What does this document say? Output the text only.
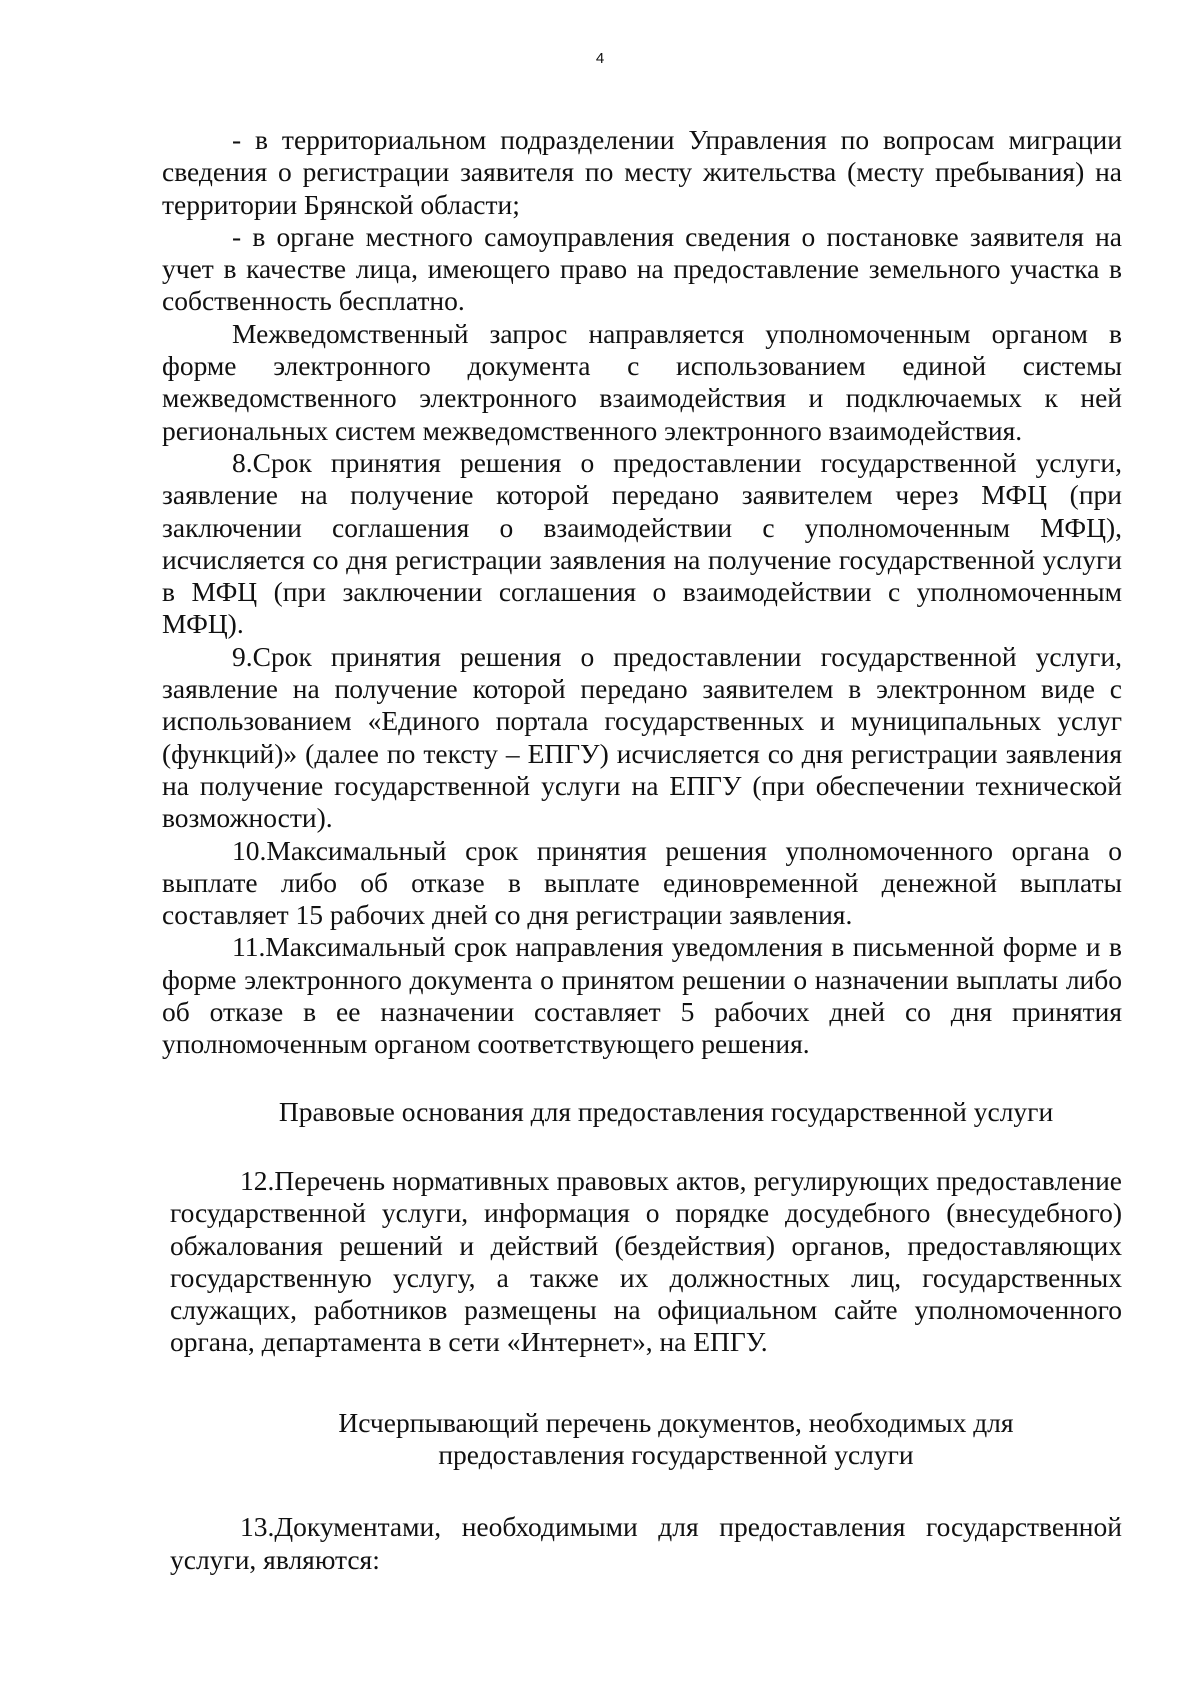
4

- в территориальном подразделении Управления по вопросам миграции сведения о регистрации заявителя по месту жительства (месту пребывания) на территории Брянской области;

- в органе местного самоуправления сведения о постановке заявителя на учет в качестве лица, имеющего право на предоставление земельного участка в собственность бесплатно.

Межведомственный запрос направляется уполномоченным органом в форме электронного документа с использованием единой системы межведомственного электронного взаимодействия и подключаемых к ней региональных систем межведомственного электронного взаимодействия.

8.Срок принятия решения о предоставлении государственной услуги, заявление на получение которой передано заявителем через МФЦ (при заключении соглашения о взаимодействии с уполномоченным МФЦ), исчисляется со дня регистрации заявления на получение государственной услуги в МФЦ (при заключении соглашения о взаимодействии с уполномоченным МФЦ).

9.Срок принятия решения о предоставлении государственной услуги, заявление на получение которой передано заявителем в электронном виде с использованием «Единого портала государственных и муниципальных услуг (функций)» (далее по тексту – ЕПГУ) исчисляется со дня регистрации заявления на получение государственной услуги на ЕПГУ (при обеспечении технической возможности).

10.Максимальный срок принятия решения уполномоченного органа о выплате либо об отказе в выплате единовременной денежной выплаты составляет 15 рабочих дней со дня регистрации заявления.

11.Максимальный срок направления уведомления в письменной форме и в форме электронного документа о принятом решении о назначении выплаты либо об отказе в ее назначении составляет 5 рабочих дней со дня принятия уполномоченным органом соответствующего решения.

Правовые основания для предоставления государственной услуги

12.Перечень нормативных правовых актов, регулирующих предоставление государственной услуги, информация о порядке досудебного (внесудебного) обжалования решений и действий (бездействия) органов, предоставляющих государственную услугу, а также их должностных лиц, государственных служащих, работников размещены на официальном сайте уполномоченного органа, департамента в сети «Интернет», на ЕПГУ.

Исчерпывающий перечень документов, необходимых для
предоставления государственной услуги

13.Документами, необходимыми для предоставления государственной услуги, являются:
